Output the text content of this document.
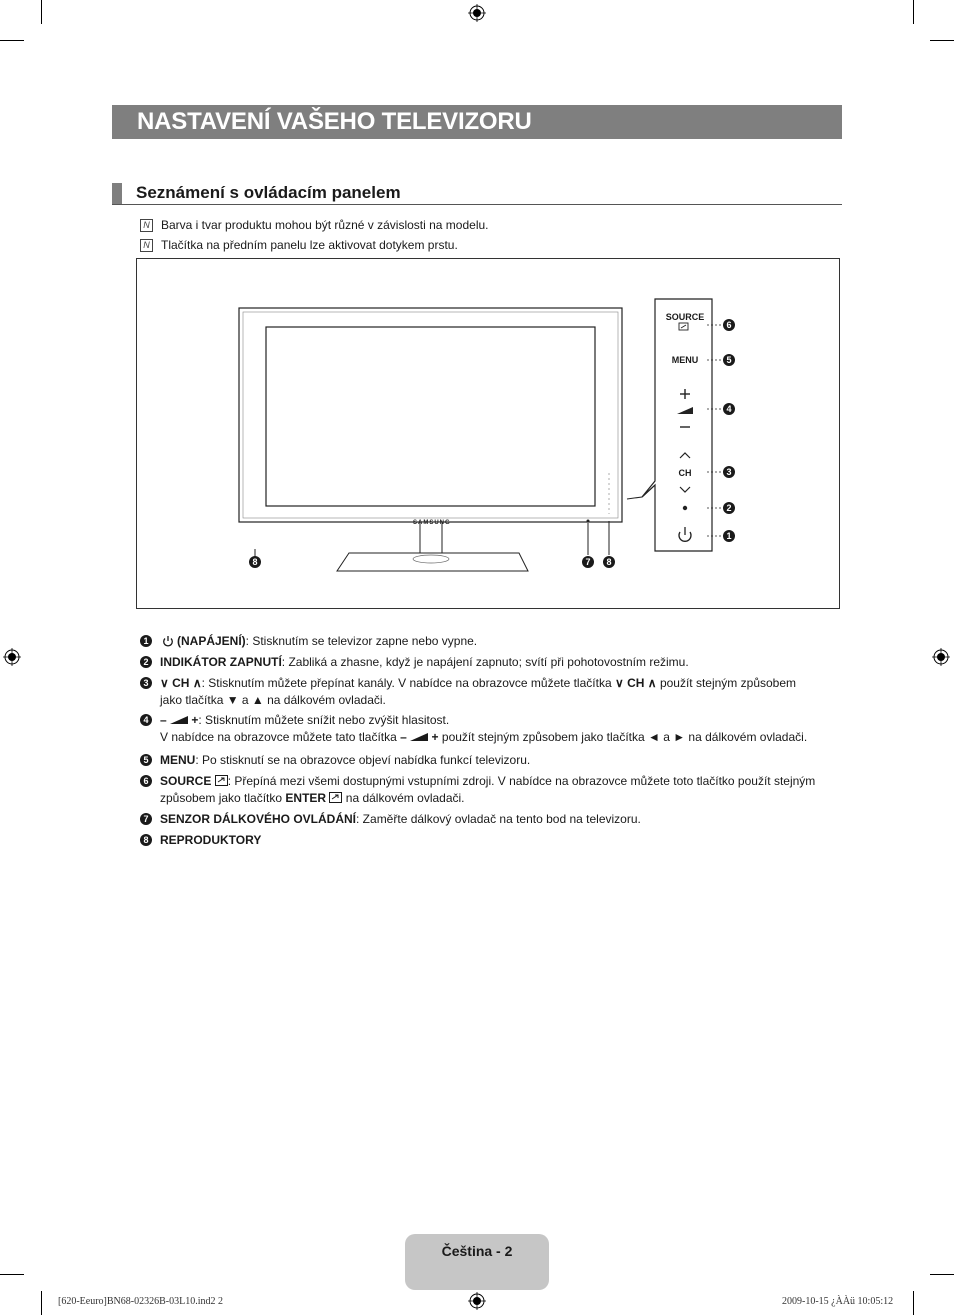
NASTAVENÍ VAŠEHO TELEVIZORU
Seznámení s ovládacím panelem
N Barva i tvar produktu mohou být různé v závislosti na modelu.
N Tlačítka na předním panelu lze aktivovat dotykem prstu.
SAMSUNG
SOURCE
MENU
CH
6
5
4
3
2
1
8	7	8
1	(NAPÁJENÍ): Stisknutím se televizor zapne nebo vypne.
2 INDIKÁTOR ZAPNUTÍ: Zabliká a zhasne, když je napájení zapnuto; svítí při pohotovostním režimu.
3 ∨ CH ∧: Stisknutím můžete přepínat kanály. V nabídce na obrazovce můžete tlačítka ∨ CH ∧ použít stejným způsobem
jako tlačítka ▼ a ▲ na dálkovém ovladači.
4 – +: Stisknutím můžete snížit nebo zvýšit hlasitost.
V nabídce na obrazovce můžete tato tlačítka – + použít stejným způsobem jako tlačítka ◄ a ► na dálkovém ovladači.
5 MENU: Po stisknutí se na obrazovce objeví nabídka funkcí televizoru.
6 SOURCE : Přepíná mezi všemi dostupnými vstupními zdroji. V nabídce na obrazovce můžete toto tlačítko použít stejným
způsobem jako tlačítko ENTER na dálkovém ovladači.
7 SENZOR DÁLKOVÉHO OVLÁDÁNÍ: Zaměřte dálkový ovladač na tento bod na televizoru.
8 REPRODUKTORY
Čeština - 2
[620-Eeuro]BN68-02326B-03L10.ind2 2	2009-10-15 ¿ÀÀü 10:05:12
